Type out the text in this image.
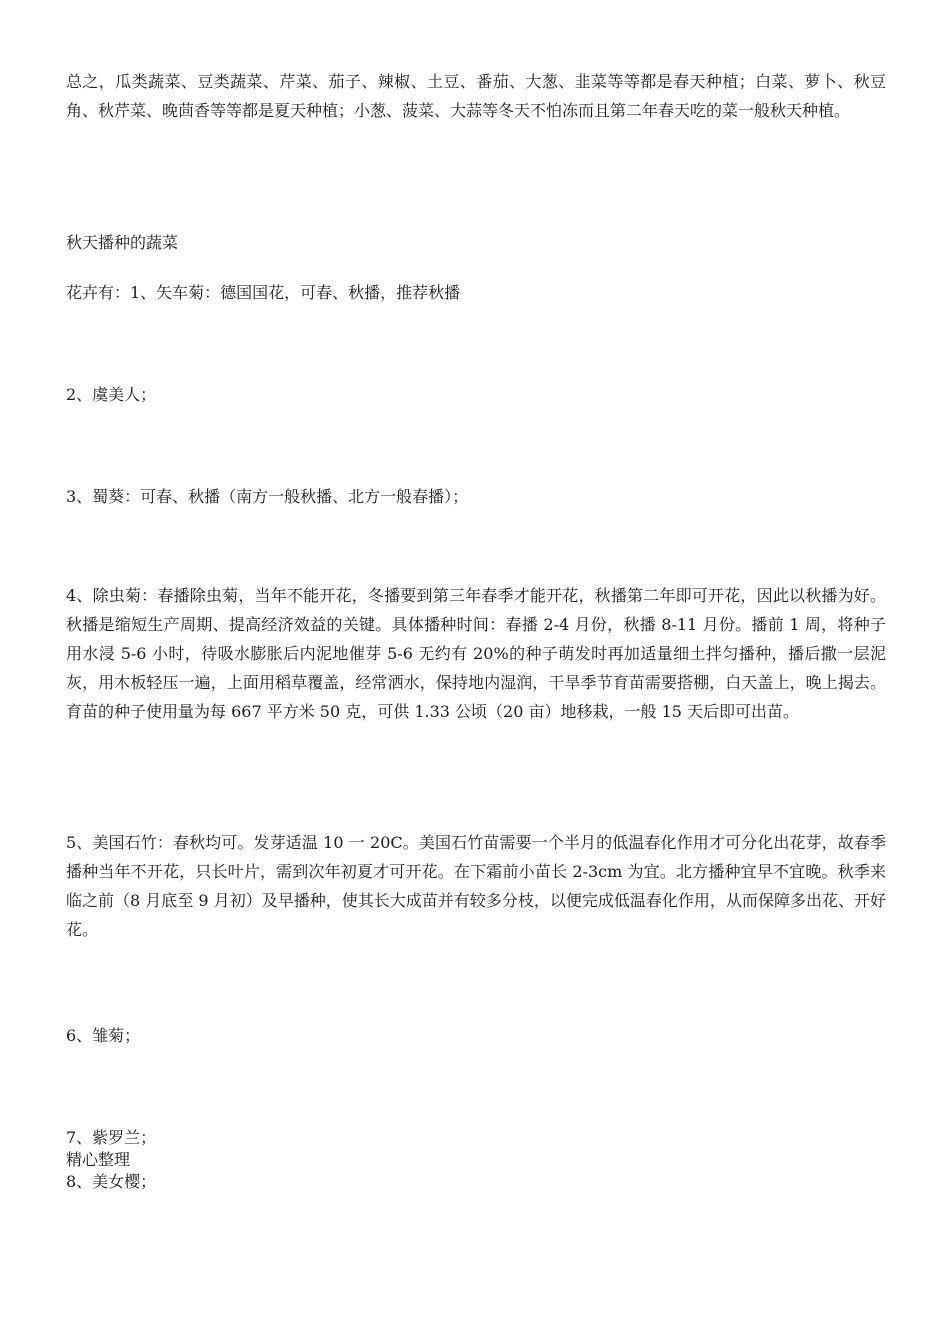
总之，瓜类蔬菜、豆类蔬菜、芹菜、茄子、辣椒、土豆、番茄、大葱、韭菜等等都是春天种植；白菜、萝卜、秋豆角、秋芹菜、晚茴香等等都是夏天种植；小葱、菠菜、大蒜等冬天不怕冻而且第二年春天吃的菜一般秋天种植。

秋天播种的蔬菜

花卉有：1、矢车菊：德国国花，可春、秋播，推荐秋播

2、虞美人；

3、蜀葵：可春、秋播（南方一般秋播、北方一般春播）；

4、除虫菊：春播除虫菊，当年不能开花，冬播要到第三年春季才能开花，秋播第二年即可开花，因此以秋播为好。秋播是缩短生产周期、提高经济效益的关键。具体播种时间：春播 2-4 月份，秋播 8-11 月份。播前 1 周，将种子用水浸 5-6 小时，待吸水膨胀后内泥地催芽 5-6 无约有 20%的种子萌发时再加适量细土拌匀播种，播后撒一层泥灰，用木板轻压一遍，上面用稻草覆盖，经常洒水，保持地内湿润，干旱季节育苗需要搭棚，白天盖上，晚上揭去。育苗的种子使用量为每 667 平方米 50 克，可供 1.33 公顷（20 亩）地移栽，一般 15 天后即可出苗。

5、美国石竹：春秋均可。发芽适温 10 一 20C。美国石竹苗需要一个半月的低温春化作用才可分化出花芽，故春季播种当年不开花，只长叶片，需到次年初夏才可开花。在下霜前小苗长 2-3cm 为宜。北方播种宜早不宜晚。秋季来临之前（8 月底至 9 月初）及早播种，使其长大成苗并有较多分枝，以便完成低温春化作用，从而保障多出花、开好花。

6、雏菊；

7、紫罗兰；

精心整理

8、美女樱；
